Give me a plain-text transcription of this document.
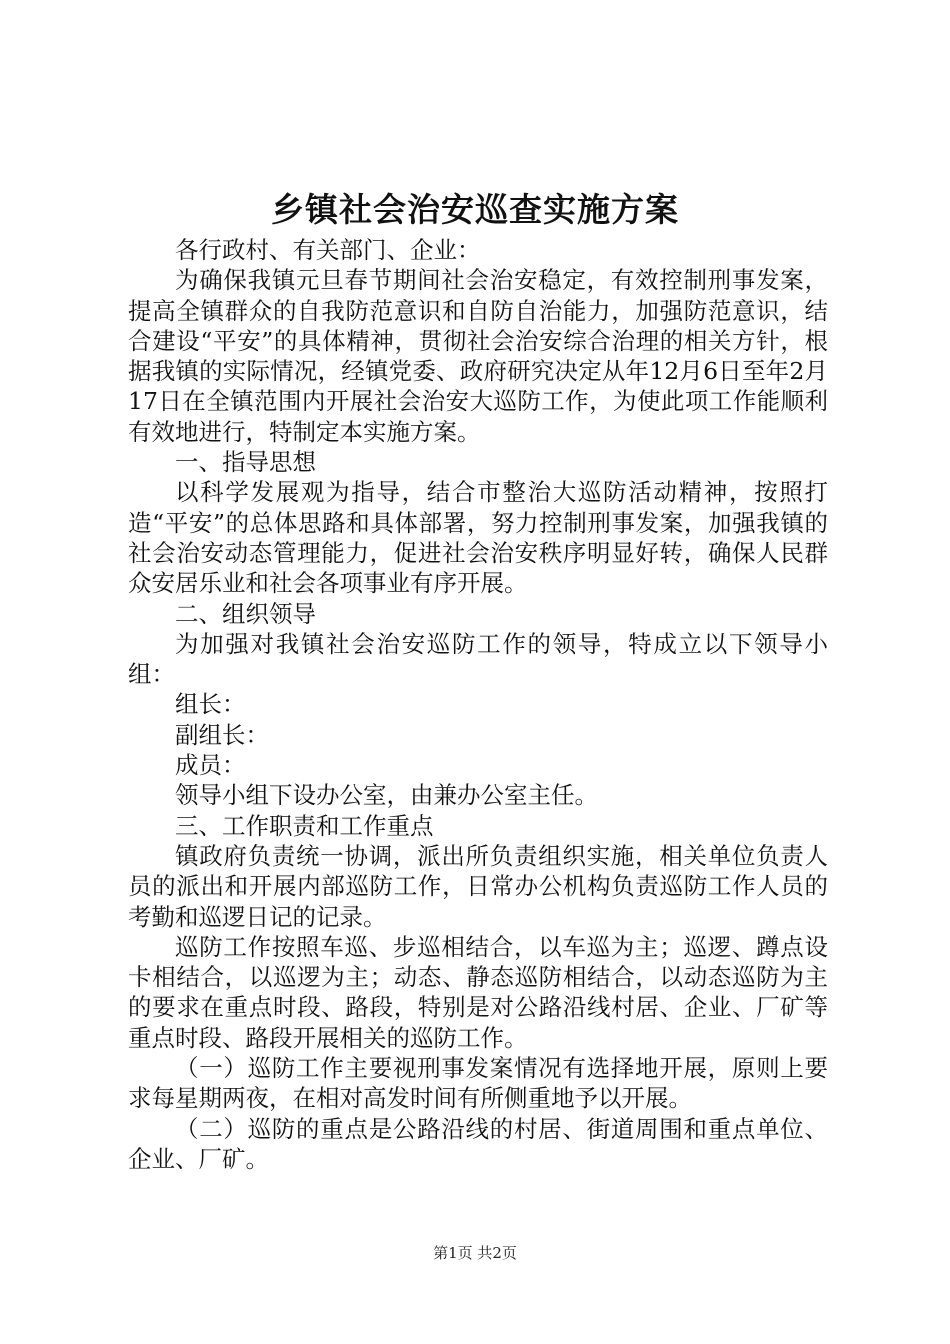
乡镇社会治安巡查实施方案

各行政村、有关部门、企业：

为确保我镇元旦春节期间社会治安稳定，有效控制刑事发案，提高全镇群众的自我防范意识和自防自治能力，加强防范意识，结合建设“平安”的具体精神，贯彻社会治安综合治理的相关方针，根据我镇的实际情况，经镇党委、政府研究决定从年12月6日至年2月17日在全镇范围内开展社会治安大巡防工作，为使此项工作能顺利有效地进行，特制定本实施方案。

一、指导思想

以科学发展观为指导，结合市整治大巡防活动精神，按照打造“平安”的总体思路和具体部署，努力控制刑事发案，加强我镇的社会治安动态管理能力，促进社会治安秩序明显好转，确保人民群众安居乐业和社会各项事业有序开展。

二、组织领导

为加强对我镇社会治安巡防工作的领导，特成立以下领导小组：

组长：

副组长：

成员：

领导小组下设办公室，由兼办公室主任。

三、工作职责和工作重点

镇政府负责统一协调，派出所负责组织实施，相关单位负责人员的派出和开展内部巡防工作，日常办公机构负责巡防工作人员的考勤和巡逻日记的记录。

巡防工作按照车巡、步巡相结合，以车巡为主；巡逻、蹲点设卡相结合，以巡逻为主；动态、静态巡防相结合，以动态巡防为主的要求在重点时段、路段，特别是对公路沿线村居、企业、厂矿等重点时段、路段开展相关的巡防工作。

（一）巡防工作主要视刑事发案情况有选择地开展，原则上要求每星期两夜，在相对高发时间有所侧重地予以开展。

（二）巡防的重点是公路沿线的村居、街道周围和重点单位、企业、厂矿。

第1页 共2页
